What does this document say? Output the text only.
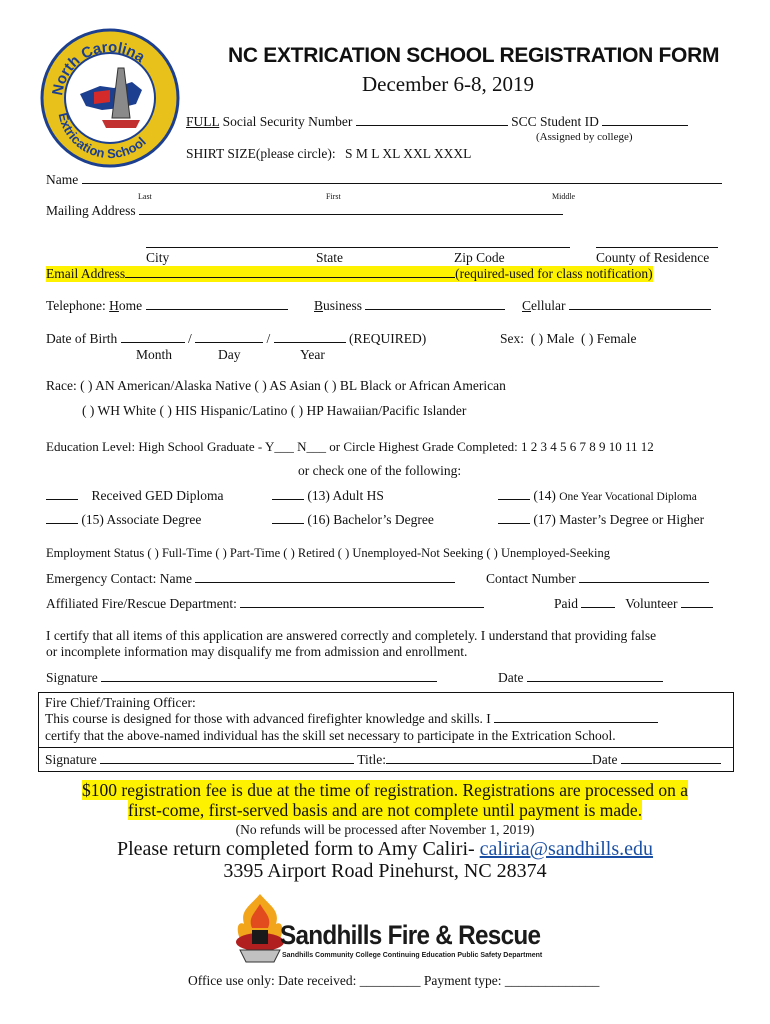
North Carolina
Extrication School
NC EXTRICATION SCHOOL REGISTRATION FORM
December 6-8, 2019
FULL Social Security Number	SCC Student ID
(Assigned by college)
SHIRT SIZE(please circle): S M L XL XXL XXXL
Name
Last	First	Middle
Mailing Address
City	State	Zip Code	County of Residence
Email Address	(required-used for class notification)
Telephone: Home	Business	Cellular
Date of Birth	/	/	(REQUIRED)
Month	Day	Year
Sex: ( ) Male ( ) Female
Race: ( ) AN American/Alaska Native ( ) AS Asian ( ) BL Black or African American
( ) WH White ( ) HIS Hispanic/Latino ( ) HP Hawaiian/Pacific Islander
Education Level: High School Graduate - Y___ N___ or Circle Highest Grade Completed: 1 2 3 4 5 6 7 8 9 10 11 12
or check one of the following:
Received GED Diploma	(13) Adult HS	(14) One Year Vocational Diploma
(15) Associate Degree	(16) Bachelor’s Degree	(17) Master’s Degree or Higher
Employment Status ( ) Full-Time ( ) Part-Time ( ) Retired ( ) Unemployed-Not Seeking ( ) Unemployed-Seeking
Emergency Contact: Name	Contact Number
Affiliated Fire/Rescue Department:	Paid	Volunteer
I certify that all items of this application are answered correctly and completely. I understand that providing false
or incomplete information may disqualify me from admission and enrollment.
Signature	Date
Fire Chief/Training Officer:
This course is designed for those with advanced firefighter knowledge and skills. I
certify that the above-named individual has the skill set necessary to participate in the Extrication School.
Signature	Title:	Date
$100 registration fee is due at the time of registration. Registrations are processed on a
first-come, first-served basis and are not complete until payment is made.
(No refunds will be processed after November 1, 2019)
Please return completed form to Amy Caliri- caliria@sandhills.edu
3395 Airport Road Pinehurst, NC 28374
Sandhills Fire & Rescue
Sandhills Community College Continuing Education Public Safety Department
Office use only: Date received: _________ Payment type: ______________
